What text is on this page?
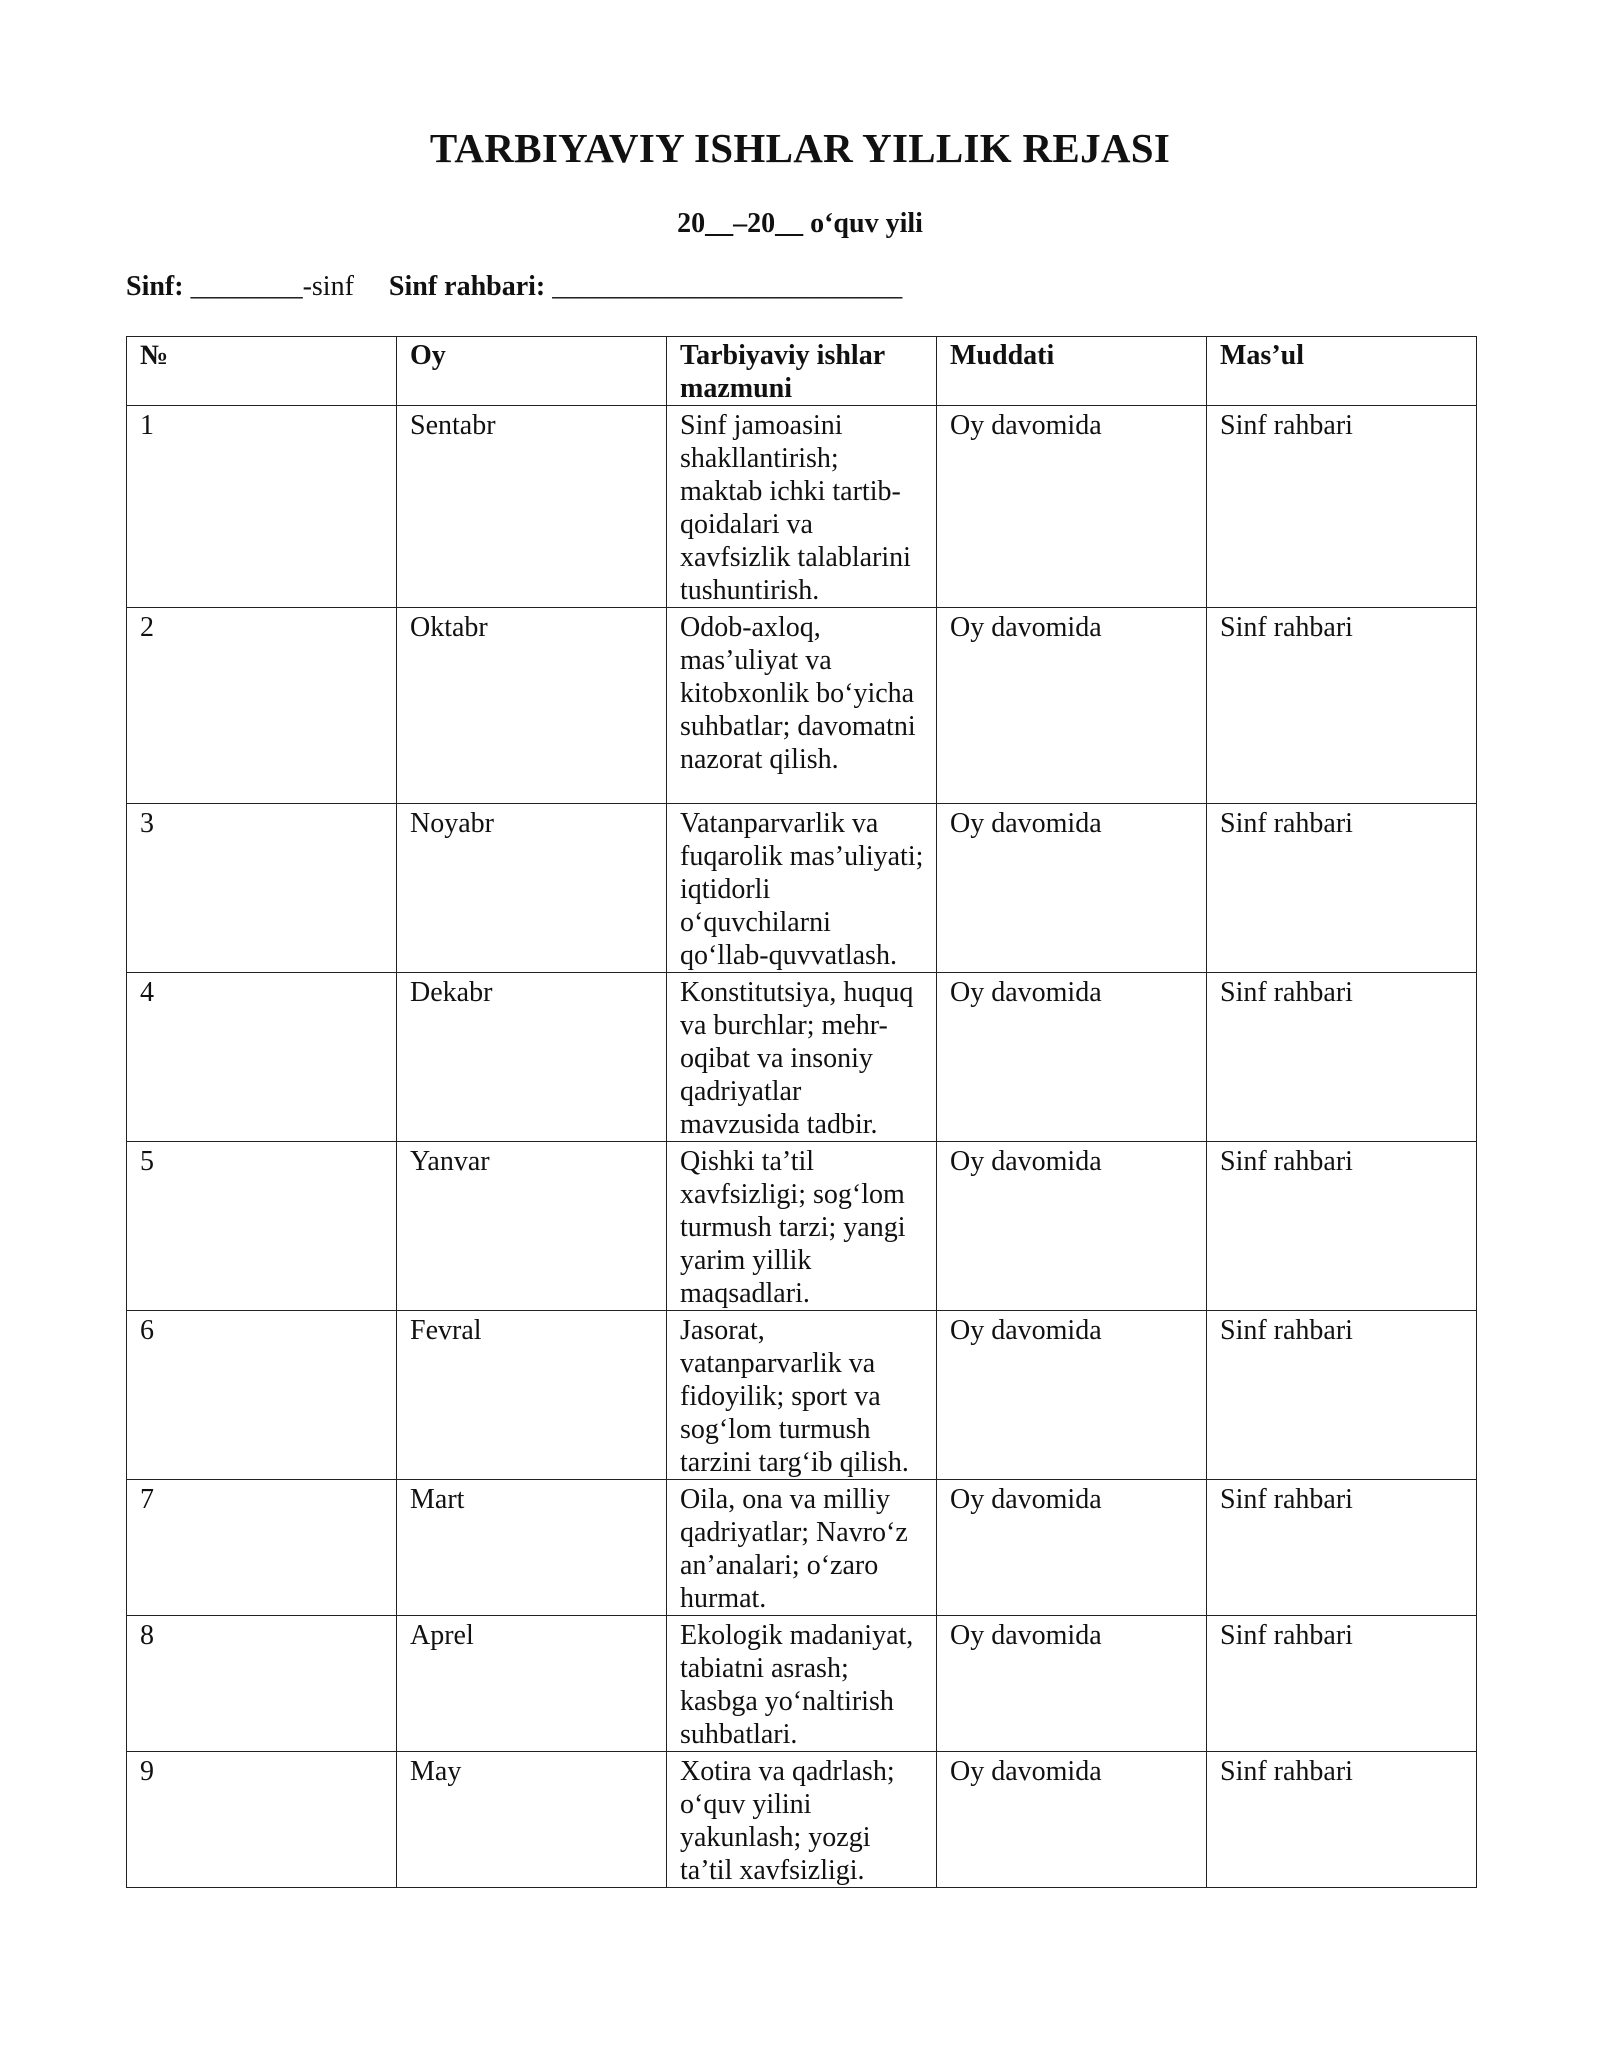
TARBIYAVIY ISHLAR YILLIK REJASI

20__–20__ o‘quv yili

Sinf: ________-sinf Sinf rahbari: _________________________
№	Oy	Tarbiyaviy ishlar mazmuni	Muddati	Mas’ul
1	Sentabr	Sinf jamoasini shakllantirish; maktab ichki tartib-qoidalari va xavfsizlik talablarini tushuntirish.	Oy davomida	Sinf rahbari
2	Oktabr	Odob-axloq, mas’uliyat va kitobxonlik bo‘yicha suhbatlar; davomatni nazorat qilish.	Oy davomida	Sinf rahbari
3	Noyabr	Vatanparvarlik va fuqarolik mas’uliyati; iqtidorli o‘quvchilarni qo‘llab-quvvatlash.	Oy davomida	Sinf rahbari
4	Dekabr	Konstitutsiya, huquq va burchlar; mehr-oqibat va insoniy qadriyatlar mavzusida tadbir.	Oy davomida	Sinf rahbari
5	Yanvar	Qishki ta’til xavfsizligi; sog‘lom turmush tarzi; yangi yarim yillik maqsadlari.	Oy davomida	Sinf rahbari
6	Fevral	Jasorat, vatanparvarlik va fidoyilik; sport va sog‘lom turmush tarzini targ‘ib qilish.	Oy davomida	Sinf rahbari
7	Mart	Oila, ona va milliy qadriyatlar; Navro‘z an’analari; o‘zaro hurmat.	Oy davomida	Sinf rahbari
8	Aprel	Ekologik madaniyat, tabiatni asrash; kasbga yo‘naltirish suhbatlari.	Oy davomida	Sinf rahbari
9	May	Xotira va qadrlash; o‘quv yilini yakunlash; yozgi ta’til xavfsizligi.	Oy davomida	Sinf rahbari
